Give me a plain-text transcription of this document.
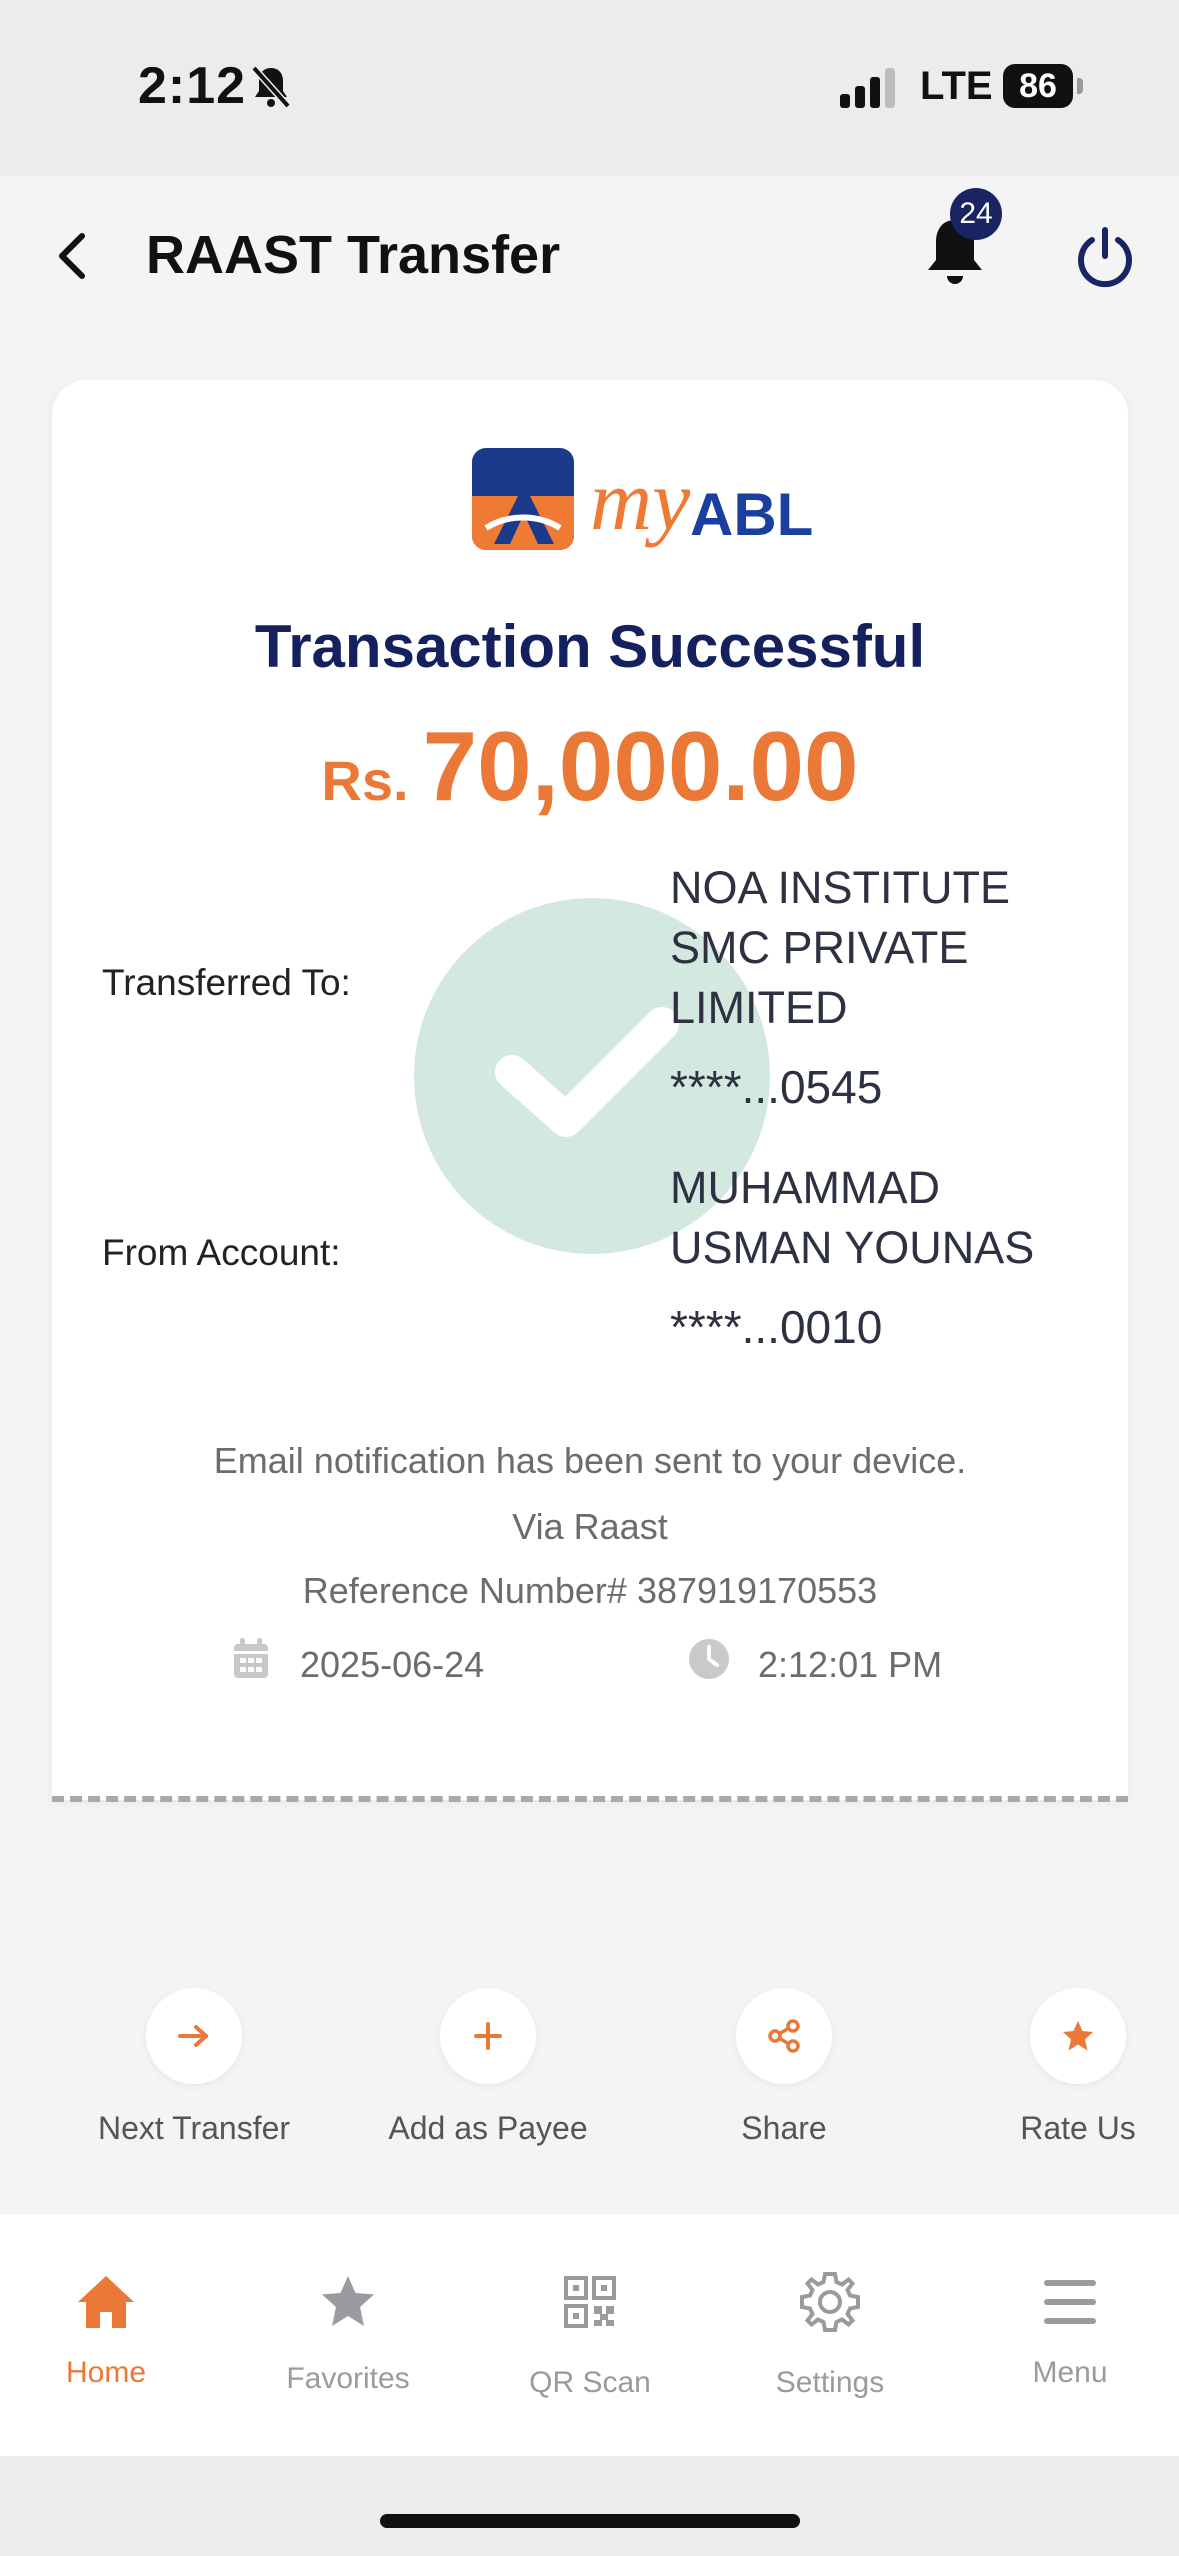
2:12	LTE 86
RAAST Transfer
24
my ABL
Transaction Successful
Rs. 70,000.00
Transferred To:
NOA INSTITUTE SMC PRIVATE LIMITED
****...0545
From Account:
MUHAMMAD USMAN YOUNAS
****...0010
Email notification has been sent to your device.
Via Raast
Reference Number# 387919170553
2025-06-24	2:12:01 PM
Next Transfer	Add as Payee	Share	Rate Us
Home	Favorites	QR Scan	Settings	Menu
